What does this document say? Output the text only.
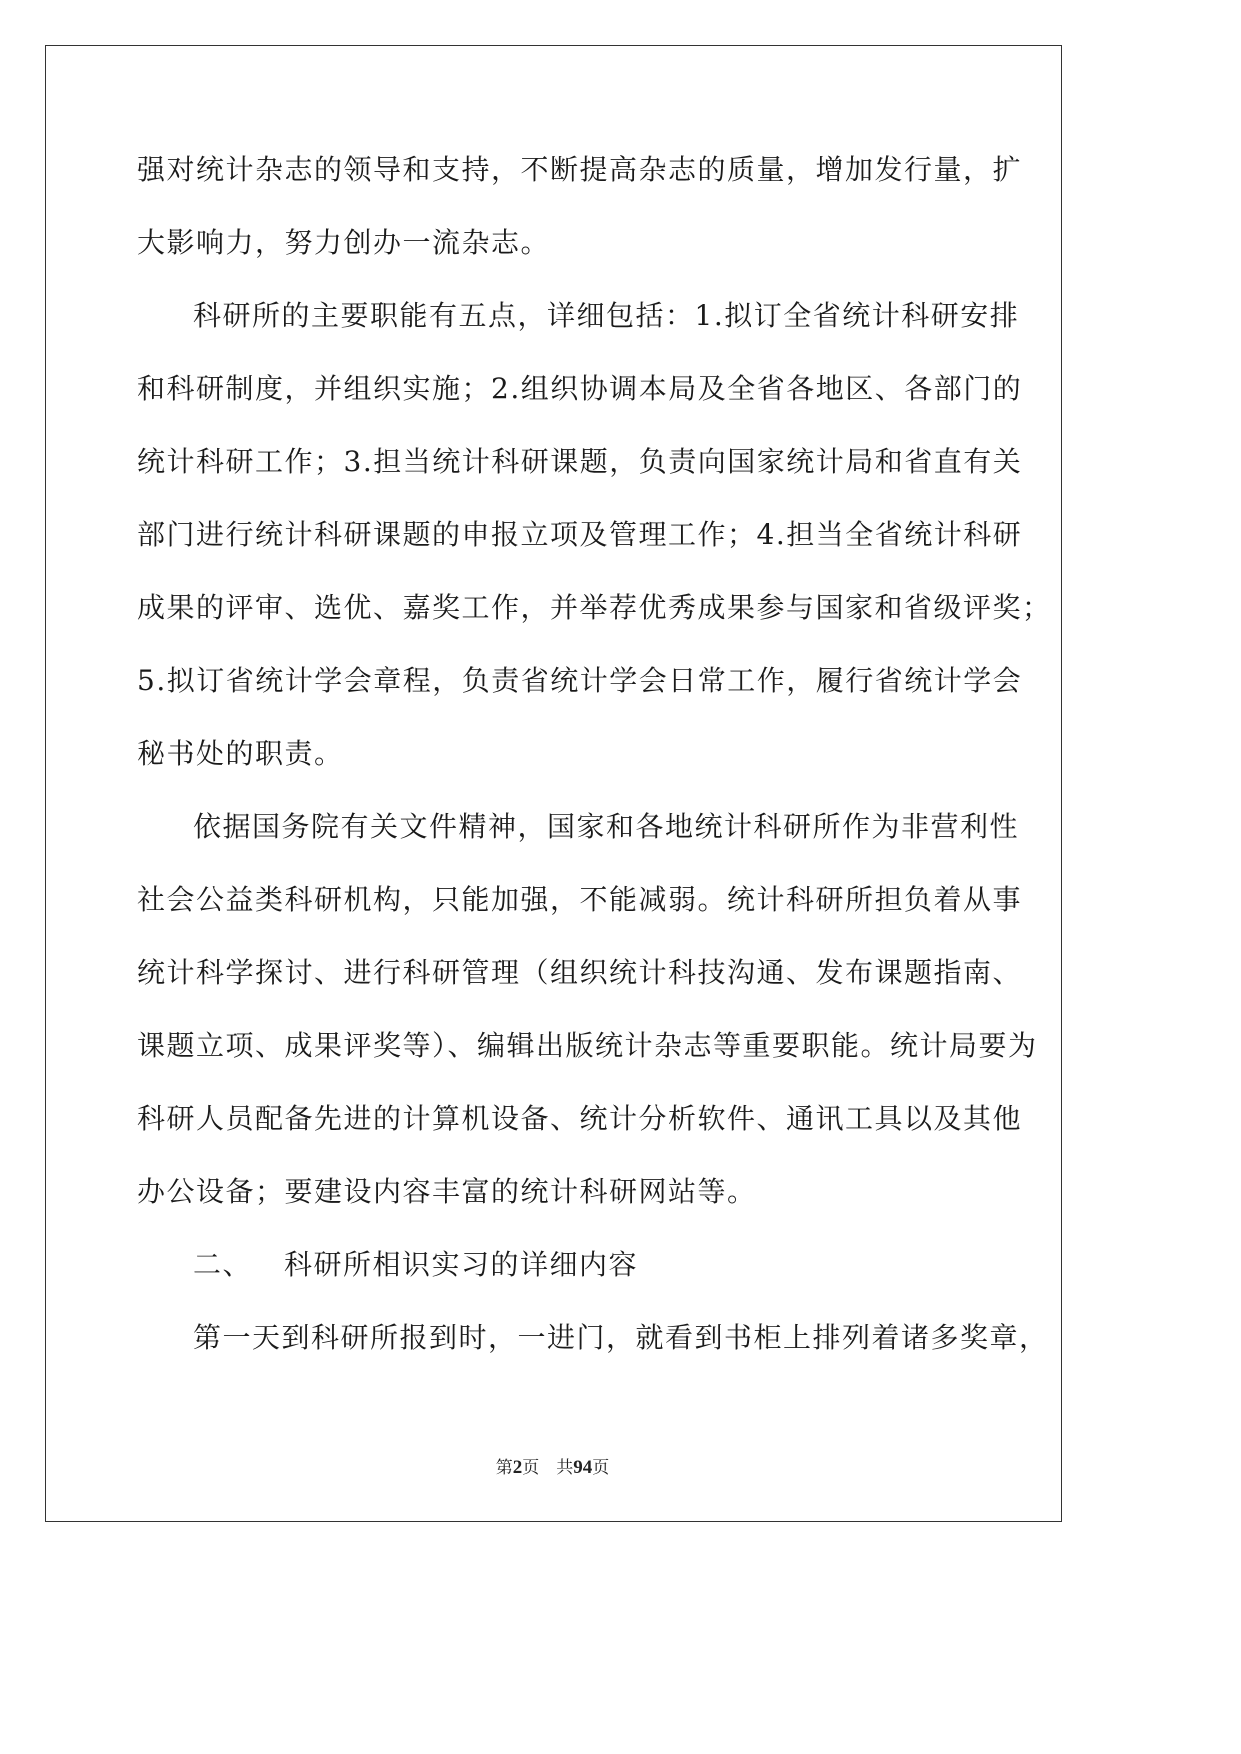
强对统计杂志的领导和支持，不断提高杂志的质量，增加发行量，扩
大影响力，努力创办一流杂志。
科研所的主要职能有五点，详细包括：1.拟订全省统计科研安排
和科研制度，并组织实施；2.组织协调本局及全省各地区、各部门的
统计科研工作；3.担当统计科研课题，负责向国家统计局和省直有关
部门进行统计科研课题的申报立项及管理工作；4.担当全省统计科研
成果的评审、选优、嘉奖工作，并举荐优秀成果参与国家和省级评奖；
5.拟订省统计学会章程，负责省统计学会日常工作，履行省统计学会
秘书处的职责。
依据国务院有关文件精神，国家和各地统计科研所作为非营利性
社会公益类科研机构，只能加强，不能减弱。统计科研所担负着从事
统计科学探讨、进行科研管理（组织统计科技沟通、发布课题指南、
课题立项、成果评奖等）、编辑出版统计杂志等重要职能。统计局要为
科研人员配备先进的计算机设备、统计分析软件、通讯工具以及其他
办公设备；要建设内容丰富的统计科研网站等。
二、 科研所相识实习的详细内容
第一天到科研所报到时，一进门，就看到书柜上排列着诸多奖章，
第2页　共94页
